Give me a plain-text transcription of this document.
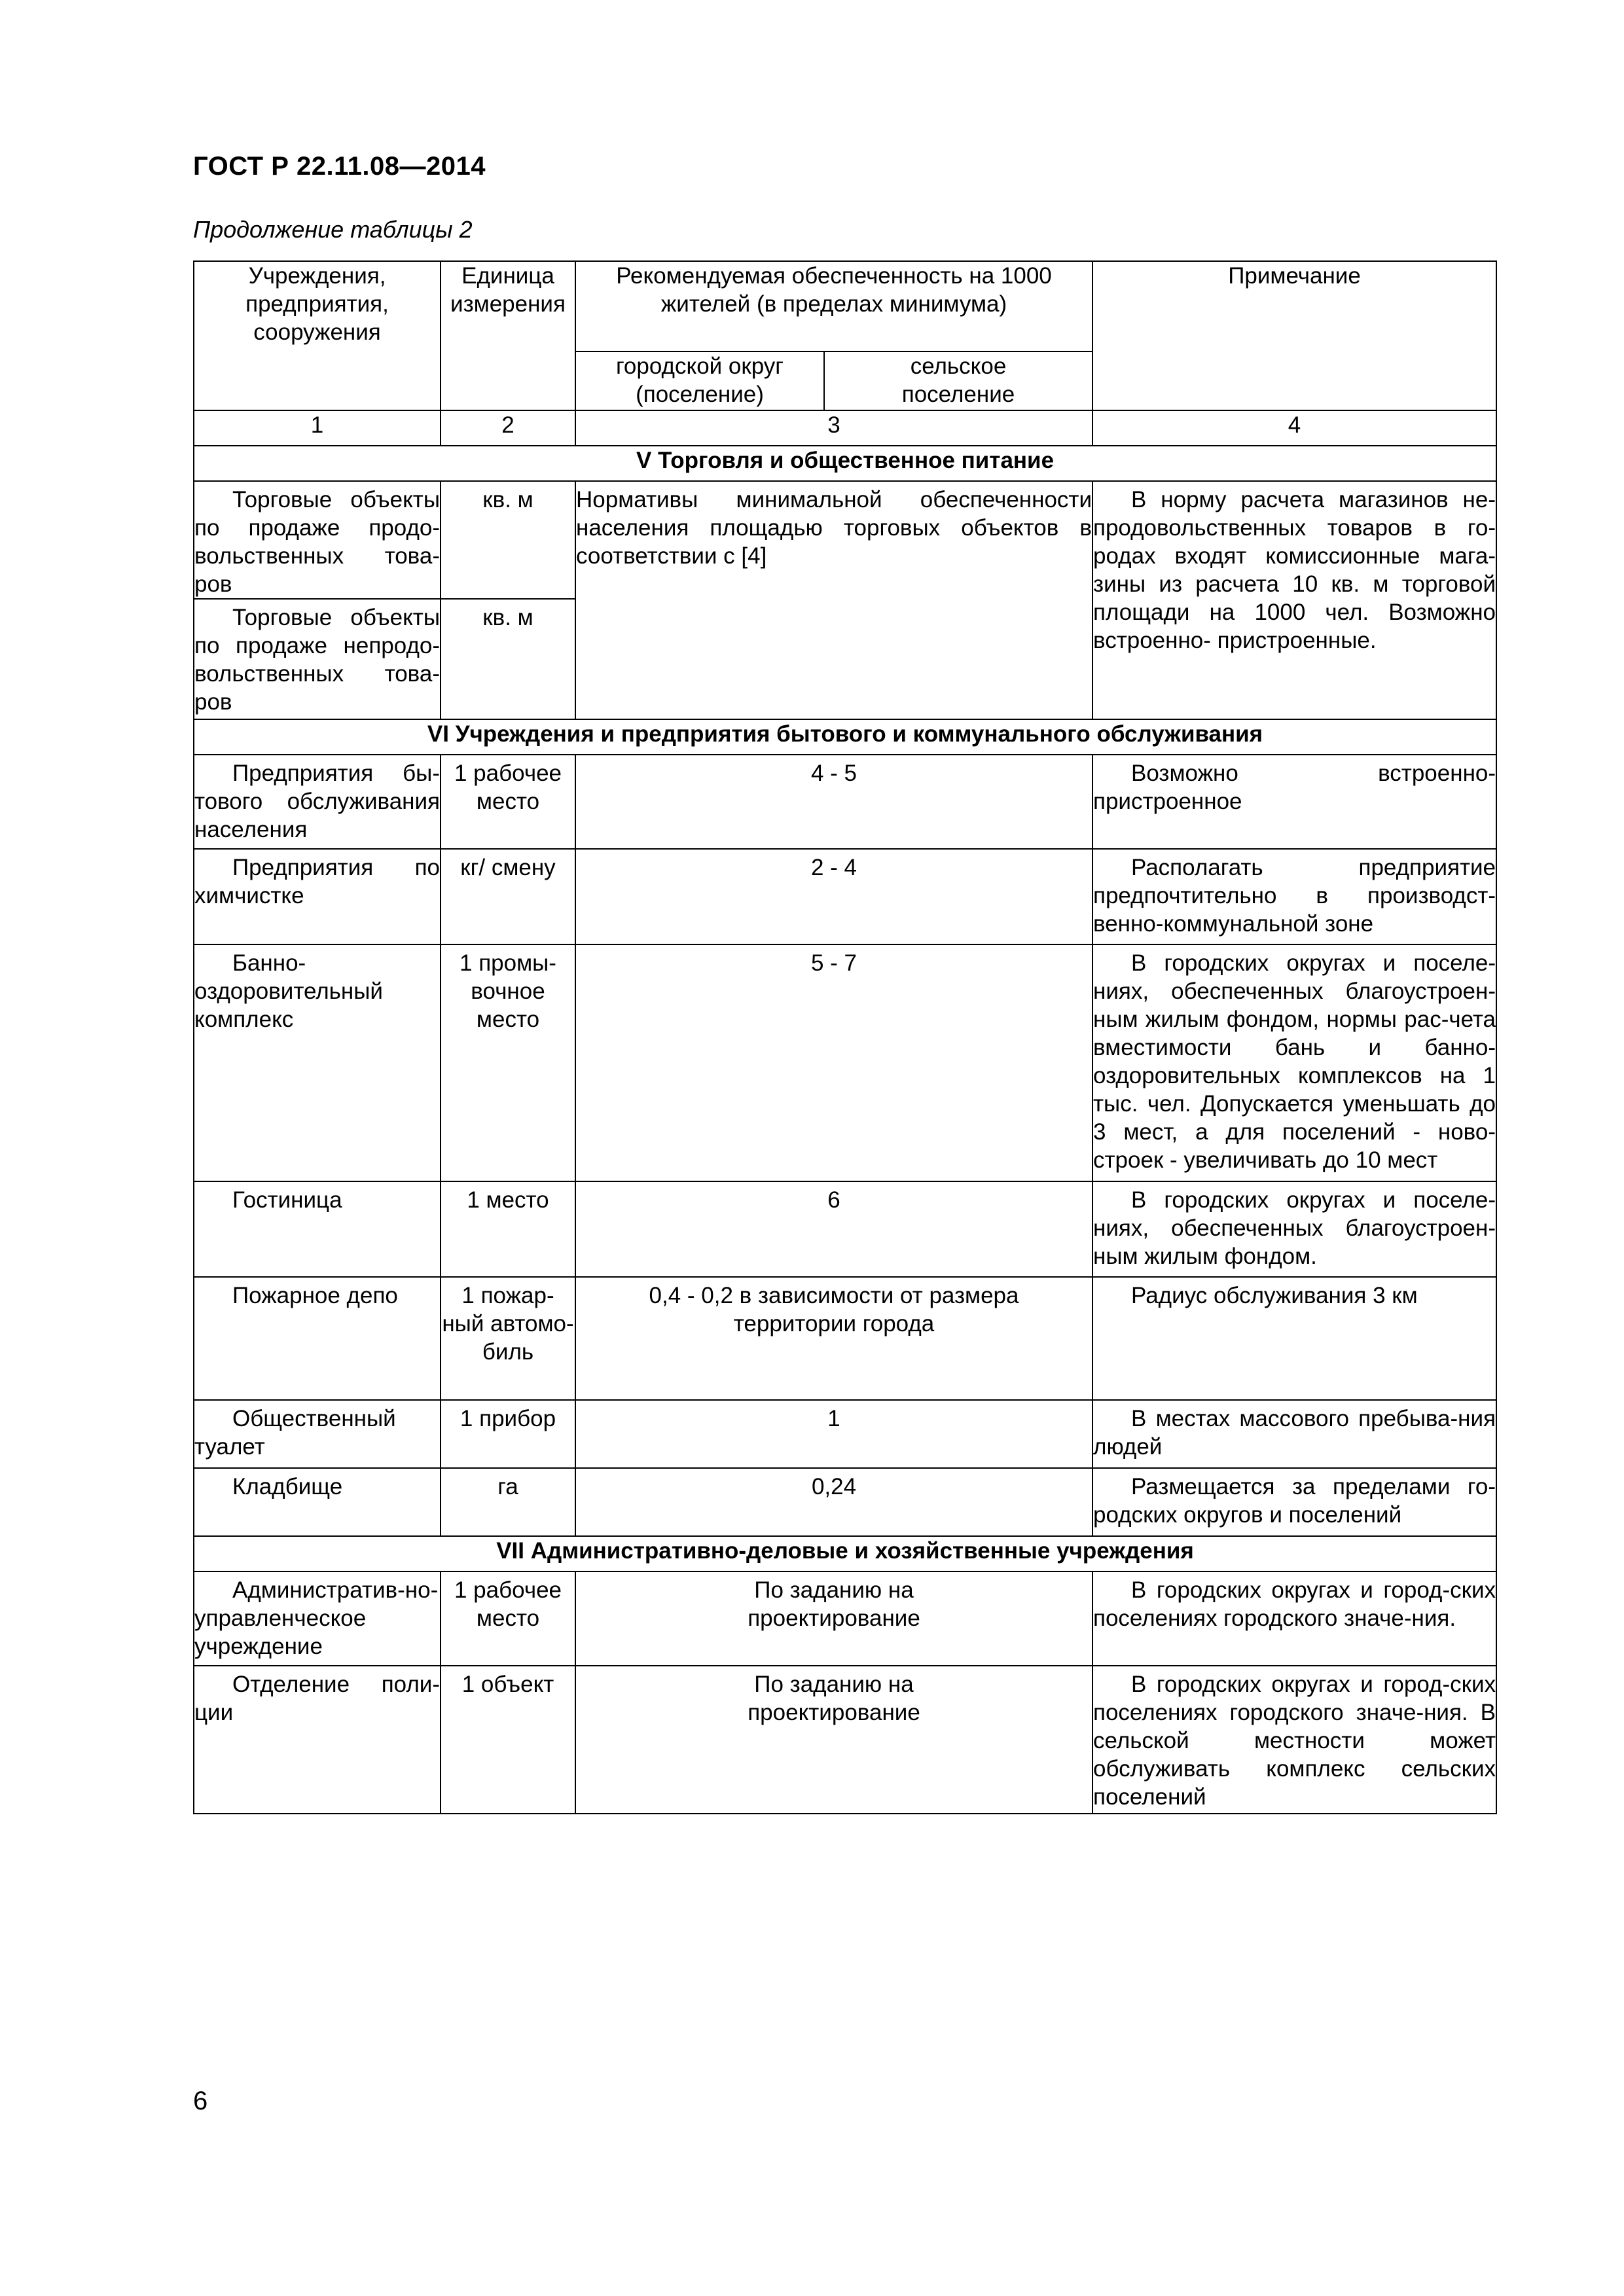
ГОСТ Р 22.11.08—2014
Продолжение таблицы 2
Учреждения, предприятия, сооружения	Единица измерения	Рекомендуемая обеспеченность на 1000 жителей (в пределах минимума)		Примечание
		городской округ (поселение)	сельское поселение	
1	2	3		4
V Торговля и общественное питание				
Торговые объекты по продаже продо-вольственных това-ров	кв. м	Нормативы минимальной обеспеченности населения площадью торговых объектов в соответствии с [4]		В норму расчета магазинов не-продовольственных товаров в го-родах входят комиссионные мага-зины из расчета 10 кв. м торговой площади на 1000 чел. Возможно встроенно- пристроенные.
Торговые объекты по продаже непродо-вольственных това-ров	кв. м			
VI Учреждения и предприятия бытового и коммунального обслуживания				
Предприятия бы-тового обслуживания населения	1 рабочее место	4 - 5		Возможно встроенно-пристроенное
Предприятия по химчистке	кг/ смену	2 - 4		Располагать предприятие предпочтительно в производст-венно-коммунальной зоне
Банно-оздоровительный комплекс	1 промы-вочное место	5 - 7		В городских округах и поселе-ниях, обеспеченных благоустроен-ным жилым фондом, нормы рас-чета вместимости бань и банно-оздоровительных комплексов на 1 тыс. чел. Допускается уменьшать до 3 мест, а для поселений - ново-строек - увеличивать до 10 мест
Гостиница	1 место	6		В городских округах и поселе-ниях, обеспеченных благоустроен-ным жилым фондом.
Пожарное депо	1 пожар-ный автомо-биль	0,4 - 0,2 в зависимости от размера территории города		Радиус обслуживания 3 км
Общественный туалет	1 прибор	1		В местах массового пребыва-ния людей
Кладбище	га	0,24		Размещается за пределами го-родских округов и поселений
VII Административно-деловые и хозяйственные учреждения				
Административ-но-управленческое учреждение	1 рабочее место	По заданию на проектирование		В городских округах и город-ских поселениях городского значе-ния.
Отделение поли-ции	1 объект	По заданию на проектирование		В городских округах и город-ских поселениях городского значе-ния. В сельской местности может обслуживать комплекс сельских поселений
6
